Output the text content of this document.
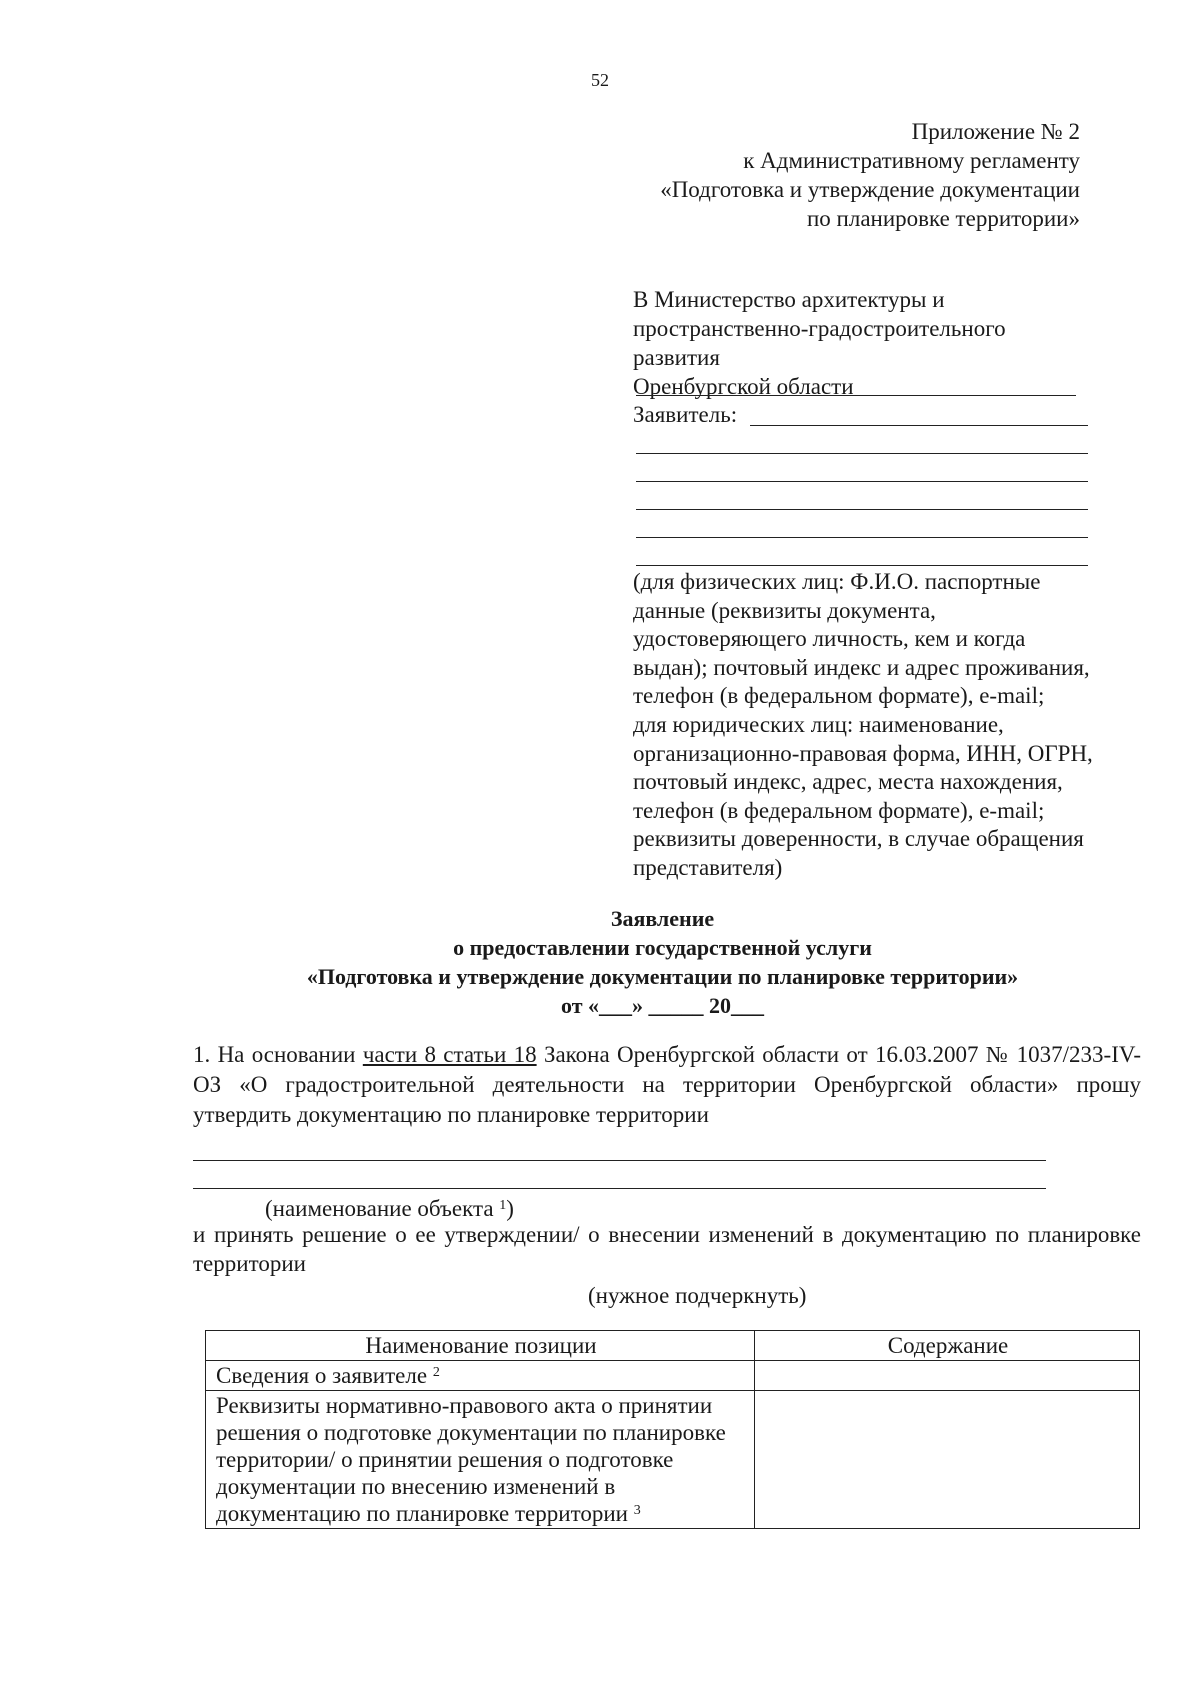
52
Приложение № 2
к Административному регламенту
«Подготовка и утверждение документации
по планировке территории»
В Министерство архитектуры и
пространственно-градостроительного развития
Оренбургской области
Заявитель:
(для физических лиц: Ф.И.О. паспортные
данные (реквизиты документа,
удостоверяющего личность, кем и когда
выдан); почтовый индекс и адрес проживания,
телефон (в федеральном формате), e-mail;
для юридических лиц: наименование,
организационно-правовая форма, ИНН, ОГРН,
почтовый индекс, адрес, места нахождения,
телефон (в федеральном формате), e-mail;
реквизиты доверенности, в случае обращения
представителя)
Заявление
о предоставлении государственной услуги
«Подготовка и утверждение документации по планировке территории»
от «___» _____ 20___
1. На основании части 8 статьи 18 Закона Оренбургской области от 16.03.2007 № 1037/233-IV-ОЗ «О градостроительной деятельности на территории Оренбургской области» прошу утвердить документацию по планировке территории
(наименование объекта $^1$)
и принять решение о ее утверждении/ о внесении изменений в документацию по планировке территории
(нужное подчеркнуть)
Наименование позиции	Содержание
Сведения о заявителе $^2$	
Реквизиты нормативно-правового акта о принятии решения о подготовке документации по планировке территории/ о принятии решения о подготовке документации по внесению изменений в документацию по планировке территории $^3$	
